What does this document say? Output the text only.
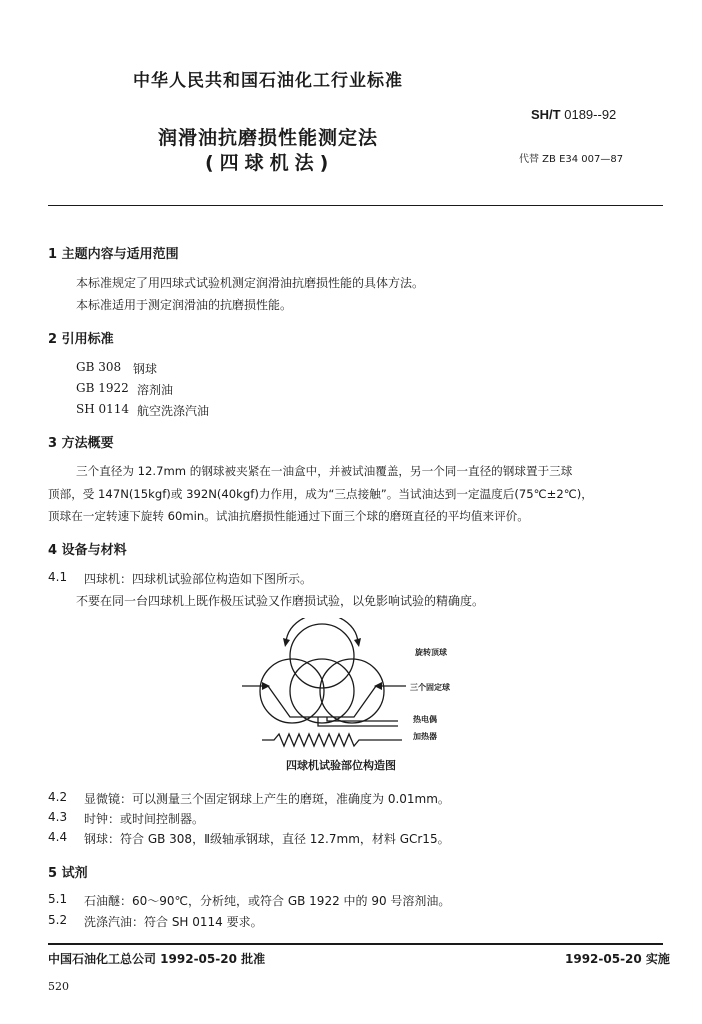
中华人民共和国石油化工行业标准
SH/T 0189--92
润滑油抗磨损性能测定法
(四球机法)	代替 ZB E34 007—87
1 主题内容与适用范围
本标准规定了用四球式试验机测定润滑油抗磨损性能的具体方法。
本标准适用于测定润滑油的抗磨损性能。
2 引用标准
GB 308 钢球
GB 1922 溶剂油
SH 0114 航空洗涤汽油
3 方法概要
三个直径为 12.7mm 的钢球被夹紧在一油盒中，并被试油覆盖，另一个同一直径的钢球置于三球
顶部，受 147N(15kgf)或 392N(40kgf)力作用，成为“三点接触”。当试油达到一定温度后(75℃±2℃)，
顶球在一定转速下旋转 60min。试油抗磨损性能通过下面三个球的磨斑直径的平均值来评价。
4 设备与材料
4.1 四球机：四球机试验部位构造如下图所示。
不要在同一台四球机上既作极压试验又作磨损试验，以免影响试验的精确度。
旋转顶球
三个固定球
热电偶
加热器
四球机试验部位构造图
4.2 显微镜：可以测量三个固定钢球上产生的磨斑，准确度为 0.01mm。
4.3 时钟：或时间控制器。
4.4 钢球：符合 GB 308，Ⅱ级轴承钢球，直径 12.7mm，材料 GCr15。
5 试剂
5.1 石油醚：60～90℃，分析纯，或符合 GB 1922 中的 90 号溶剂油。
5.2 洗涤汽油：符合 SH 0114 要求。
中国石油化工总公司 1992-05-20 批准	1992-05-20 实施
520
